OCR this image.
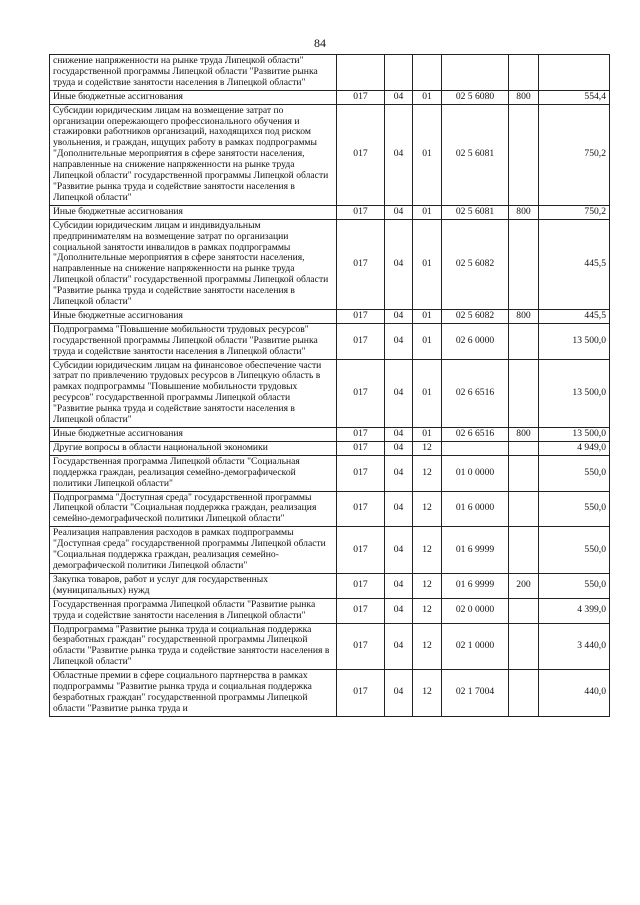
84
снижение напряженности на рынке труда Липецкой области" государственной программы Липецкой области "Развитие рынка труда и содействие занятости населения в Липецкой области"						
Иные бюджетные ассигнования	017	04	01	02 5 6080	800	554,4
Субсидии юридическим лицам на возмещение затрат по организации опережающего профессионального обучения и стажировки работников организаций, находящихся под риском увольнения, и граждан, ищущих работу в рамках подпрограммы "Дополнительные мероприятия в сфере занятости населения, направленные на снижение напряженности на рынке труда Липецкой области" государственной программы Липецкой области "Развитие рынка труда и содействие занятости населения в Липецкой области"	017	04	01	02 5 6081		750,2
Иные бюджетные ассигнования	017	04	01	02 5 6081	800	750,2
Субсидии юридическим лицам и индивидуальным предпринимателям на возмещение затрат по организации социальной занятости инвалидов в рамках подпрограммы "Дополнительные мероприятия в сфере занятости населения, направленные на снижение напряженности на рынке труда Липецкой области" государственной программы Липецкой области "Развитие рынка труда и содействие занятости населения в Липецкой области"	017	04	01	02 5 6082		445,5
Иные бюджетные ассигнования	017	04	01	02 5 6082	800	445,5
Подпрограмма "Повышение мобильности трудовых ресурсов" государственной программы Липецкой области "Развитие рынка труда и содействие занятости населения в Липецкой области"	017	04	01	02 6 0000		13 500,0
Субсидии юридическим лицам на финансовое обеспечение части затрат по привлечению трудовых ресурсов в Липецкую область в рамках подпрограммы "Повышение мобильности трудовых ресурсов" государственной программы Липецкой области "Развитие рынка труда и содействие занятости населения в Липецкой области"	017	04	01	02 6 6516		13 500,0
Иные бюджетные ассигнования	017	04	01	02 6 6516	800	13 500,0
Другие вопросы в области национальной экономики	017	04	12			4 949,0
Государственная программа Липецкой области "Социальная поддержка граждан, реализация семейно-демографической политики Липецкой области"	017	04	12	01 0 0000		550,0
Подпрограмма "Доступная среда" государственной программы Липецкой области "Социальная поддержка граждан, реализация семейно-демографической политики Липецкой области"	017	04	12	01 6 0000		550,0
Реализация направления расходов в рамках подпрограммы "Доступная среда" государственной программы Липецкой области "Социальная поддержка граждан, реализация семейно-демографической политики Липецкой области"	017	04	12	01 6 9999		550,0
Закупка товаров, работ и услуг для государственных (муниципальных) нужд	017	04	12	01 6 9999	200	550,0
Государственная программа Липецкой области "Развитие рынка труда и содействие занятости населения в Липецкой области"	017	04	12	02 0 0000		4 399,0
Подпрограмма "Развитие рынка труда и социальная поддержка безработных граждан" государственной программы Липецкой области "Развитие рынка труда и содействие занятости населения в Липецкой области"	017	04	12	02 1 0000		3 440,0
Областные премии в сфере социального партнерства в рамках подпрограммы "Развитие рынка труда и социальная поддержка безработных граждан" государственной программы Липецкой области "Развитие рынка труда и	017	04	12	02 1 7004		440,0
